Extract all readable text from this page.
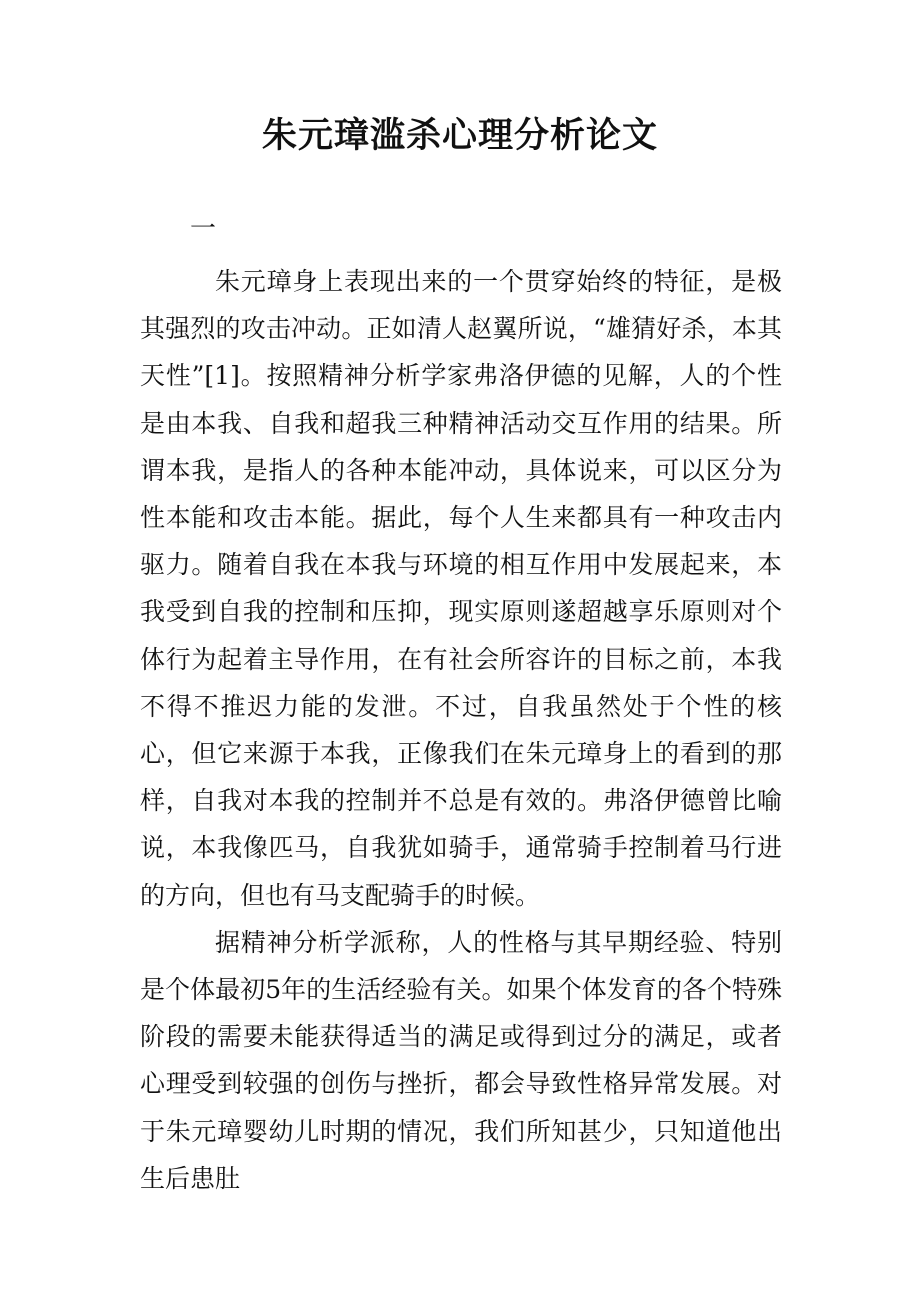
朱元璋滥杀心理分析论文
一

朱元璋身上表现出来的一个贯穿始终的特征，是极其强烈的攻击冲动。正如清人赵翼所说，“雄猜好杀，本其天性”[1]。按照精神分析学家弗洛伊德的见解，人的个性是由本我、自我和超我三种精神活动交互作用的结果。所谓本我，是指人的各种本能冲动，具体说来，可以区分为性本能和攻击本能。据此，每个人生来都具有一种攻击内驱力。随着自我在本我与环境的相互作用中发展起来，本我受到自我的控制和压抑，现实原则遂超越享乐原则对个体行为起着主导作用，在有社会所容许的目标之前，本我不得不推迟力能的发泄。不过，自我虽然处于个性的核心，但它来源于本我，正像我们在朱元璋身上的看到的那样，自我对本我的控制并不总是有效的。弗洛伊德曾比喻说，本我像匹马，自我犹如骑手，通常骑手控制着马行进的方向，但也有马支配骑手的时候。

据精神分析学派称，人的性格与其早期经验、特别是个体最初5年的生活经验有关。如果个体发育的各个特殊阶段的需要未能获得适当的满足或得到过分的满足，或者心理受到较强的创伤与挫折，都会导致性格异常发展。对于朱元璋婴幼儿时期的情况，我们所知甚少，只知道他出生后患肚
